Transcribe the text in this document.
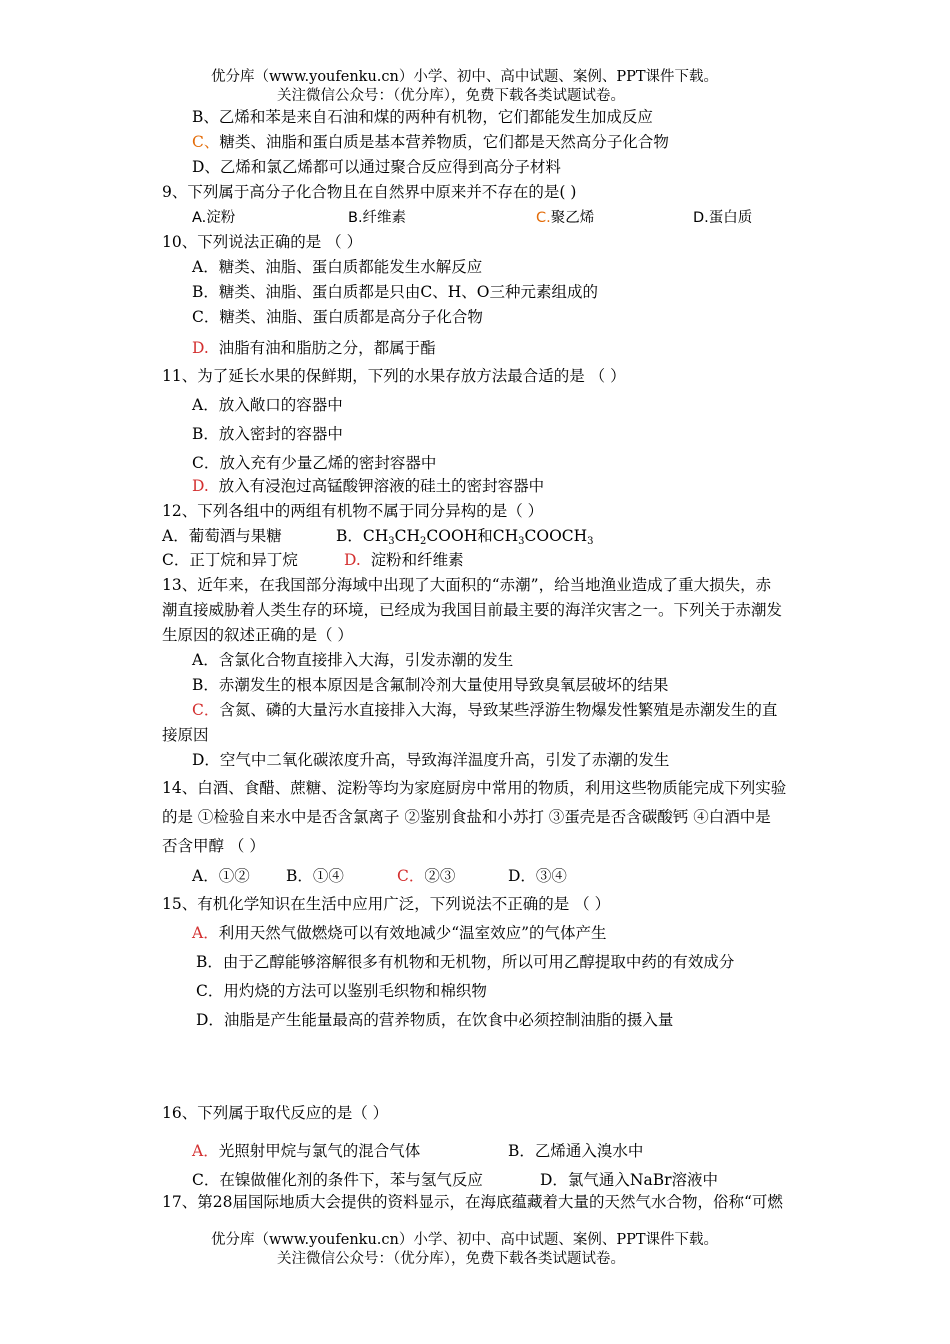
优分库（www.youfenku.cn）小学、初中、高中试题、案例、PPT课件下载。
关注微信公众号：（优分库），免费下载各类试题试卷。
B、乙烯和苯是来自石油和煤的两种有机物，它们都能发生加成反应
C、糖类、油脂和蛋白质是基本营养物质，它们都是天然高分子化合物
D、乙烯和氯乙烯都可以通过聚合反应得到高分子材料
9、下列属于高分子化合物且在自然界中原来并不存在的是( )
A.淀粉	B.纤维素	C.聚乙烯	D.蛋白质
10、下列说法正确的是 （ ）
A．糖类、油脂、蛋白质都能发生水解反应
B．糖类、油脂、蛋白质都是只由C、H、O三种元素组成的
C．糖类、油脂、蛋白质都是高分子化合物
D. 油脂有油和脂肪之分，都属于酯
11、为了延长水果的保鲜期，下列的水果存放方法最合适的是 （ ）
A．放入敞口的容器中
B．放入密封的容器中
C．放入充有少量乙烯的密封容器中
D. 放入有浸泡过高锰酸钾溶液的硅土的密封容器中
12、下列各组中的两组有机物不属于同分异构的是（ ）
A．葡萄酒与果糖	B．$CH_3CH_2COOH$和$CH_3COOCH_3$
C．正丁烷和异丁烷	D. 淀粉和纤维素
13、近年来，在我国部分海域中出现了大面积的“赤潮”，给当地渔业造成了重大损失，赤
潮直接威胁着人类生存的环境，已经成为我国目前最主要的海洋灾害之一。下列关于赤潮发
生原因的叙述正确的是（ ）
A．含氯化合物直接排入大海，引发赤潮的发生
B．赤潮发生的根本原因是含氟制冷剂大量使用导致臭氧层破坏的结果
C．含氮、磷的大量污水直接排入大海，导致某些浮游生物爆发性繁殖是赤潮发生的直
接原因
D．空气中二氧化碳浓度升高，导致海洋温度升高，引发了赤潮的发生
14、白酒、食醋、蔗糖、淀粉等均为家庭厨房中常用的物质，利用这些物质能完成下列实验
的是 ①检验自来水中是否含氯离子 ②鉴别食盐和小苏打 ③蛋壳是否含碳酸钙 ④白酒中是
否含甲醇 （ ）
A．①② B．①④	C．②③	D．③④
15、有机化学知识在生活中应用广泛，下列说法不正确的是 （ ）
A．利用天然气做燃烧可以有效地减少“温室效应”的气体产生
B．由于乙醇能够溶解很多有机物和无机物，所以可用乙醇提取中药的有效成分
C．用灼烧的方法可以鉴别毛织物和棉织物
D．油脂是产生能量最高的营养物质，在饮食中必须控制油脂的摄入量
16、下列属于取代反应的是（ ）
A．光照射甲烷与氯气的混合气体	B．乙烯通入溴水中
C．在镍做催化剂的条件下，苯与氢气反应	D．氯气通入NaBr溶液中
17、第28届国际地质大会提供的资料显示，在海底蕴藏着大量的天然气水合物，俗称“可燃
优分库（www.youfenku.cn）小学、初中、高中试题、案例、PPT课件下载。
关注微信公众号：（优分库），免费下载各类试题试卷。
